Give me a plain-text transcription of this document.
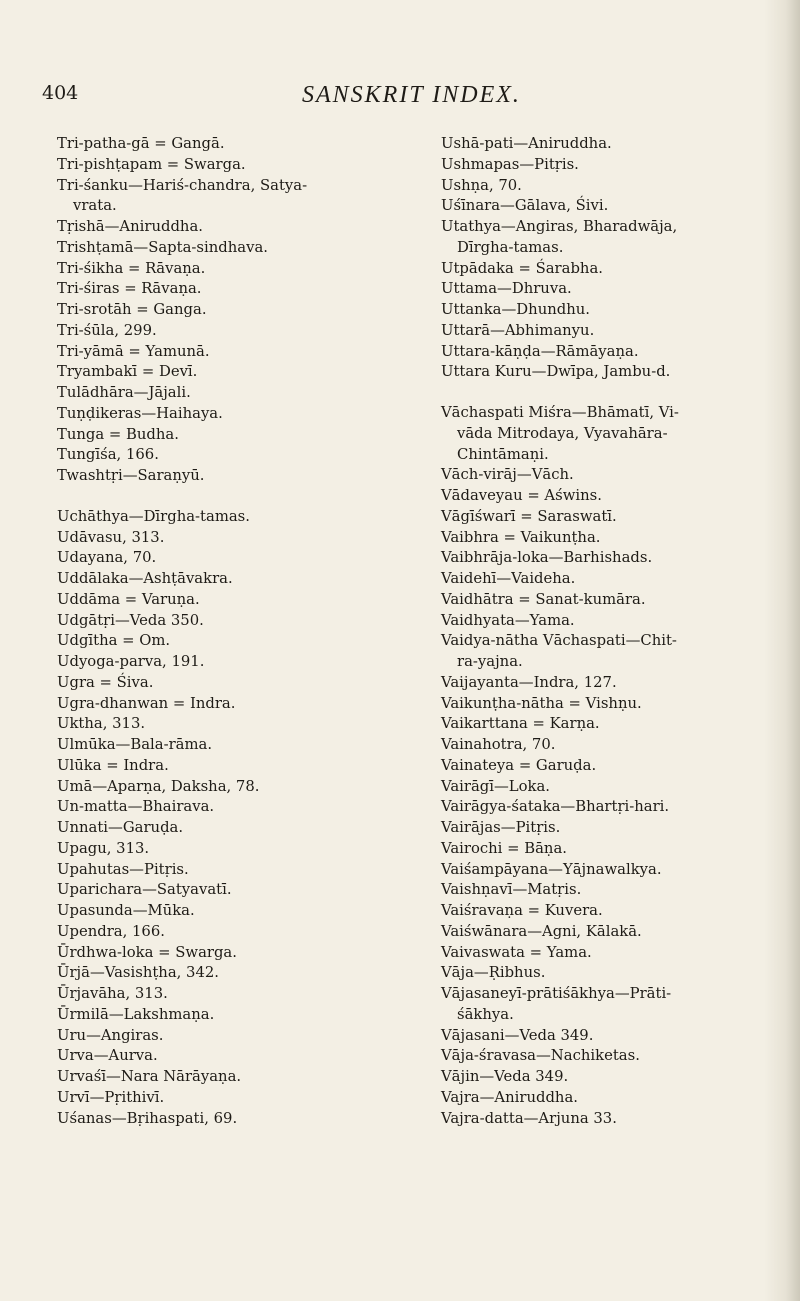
404	SANSKRIT INDEX.
Tri-patha-gā = Gangā.
Tri-pishṭapam = Swarga.
Tri-śanku—Hariś-chandra, Satya-
vrata.
Tṛishā—Aniruddha.
Trishṭamā—Sapta-sindhava.
Tri-śikha = Rāvaṇa.
Tri-śiras = Rāvaṇa.
Tri-srotāh = Ganga.
Tri-śūla, 299.
Tri-yāmā = Yamunā.
Tryambakī = Devī.
Tulādhāra—Jājali.
Tuṇḍikeras—Haihaya.
Tunga = Budha.
Tungīśa, 166.
Twashtṛi—Saraṇyū.
Uchāthya—Dīrgha-tamas.
Udāvasu, 313.
Udayana, 70.
Uddālaka—Ashṭāvakra.
Uddāma = Varuṇa.
Udgātṛi—Veda 350.
Udgītha = Om.
Udyoga-parva, 191.
Ugra = Śiva.
Ugra-dhanwan = Indra.
Uktha, 313.
Ulmūka—Bala-rāma.
Ulūka = Indra.
Umā—Aparṇa, Daksha, 78.
Un-matta—Bhairava.
Unnati—Garuḍa.
Upagu, 313.
Upahutas—Pitṛis.
Uparichara—Satyavatī.
Upasunda—Mūka.
Upendra, 166.
Ūrdhwa-loka = Swarga.
Ūrjā—Vasishṭha, 342.
Ūrjavāha, 313.
Ūrmilā—Lakshmaṇa.
Uru—Angiras.
Urva—Aurva.
Urvaśī—Nara Nārāyaṇa.
Urvī—Pṛithivī.
Uśanas—Bṛihaspati, 69.
Ushā-pati—Aniruddha.
Ushmapas—Pitṛis.
Ushṇa, 70.
Uśīnara—Gālava, Śivi.
Utathya—Angiras, Bharadwāja,
Dīrgha-tamas.
Utpādaka = Śarabha.
Uttama—Dhruva.
Uttanka—Dhundhu.
Uttarā—Abhimanyu.
Uttara-kāṇḍa—Rāmāyaṇa.
Uttara Kuru—Dwīpa, Jambu-d.
Vāchaspati Miśra—Bhāmatī, Vi-
vāda Mitrodaya, Vyavahāra-
Chintāmaṇi.
Vāch-virāj—Vāch.
Vādaveyau = Aświns.
Vāgīśwarī = Saraswatī.
Vaibhra = Vaikunṭha.
Vaibhrāja-loka—Barhishads.
Vaidehī—Vaideha.
Vaidhātra = Sanat-kumāra.
Vaidhyata—Yama.
Vaidya-nātha Vāchaspati—Chit-
ra-yajna.
Vaijayanta—Indra, 127.
Vaikunṭha-nātha = Vishṇu.
Vaikarttana = Karṇa.
Vainahotra, 70.
Vainateya = Garuḍa.
Vairāgī—Loka.
Vairāgya-śataka—Bhartṛi-hari.
Vairājas—Pitṛis.
Vairochi = Bāṇa.
Vaiśampāyana—Yājnawalkya.
Vaishṇavī—Matṛis.
Vaiśravaṇa = Kuvera.
Vaiśwānara—Agni, Kālakā.
Vaivaswata = Yama.
Vāja—Ṛibhus.
Vājasaneyī-prātiśākhya—Prāti-
śākhya.
Vājasani—Veda 349.
Vāja-śravasa—Nachiketas.
Vājin—Veda 349.
Vajra—Aniruddha.
Vajra-datta—Arjuna 33.
